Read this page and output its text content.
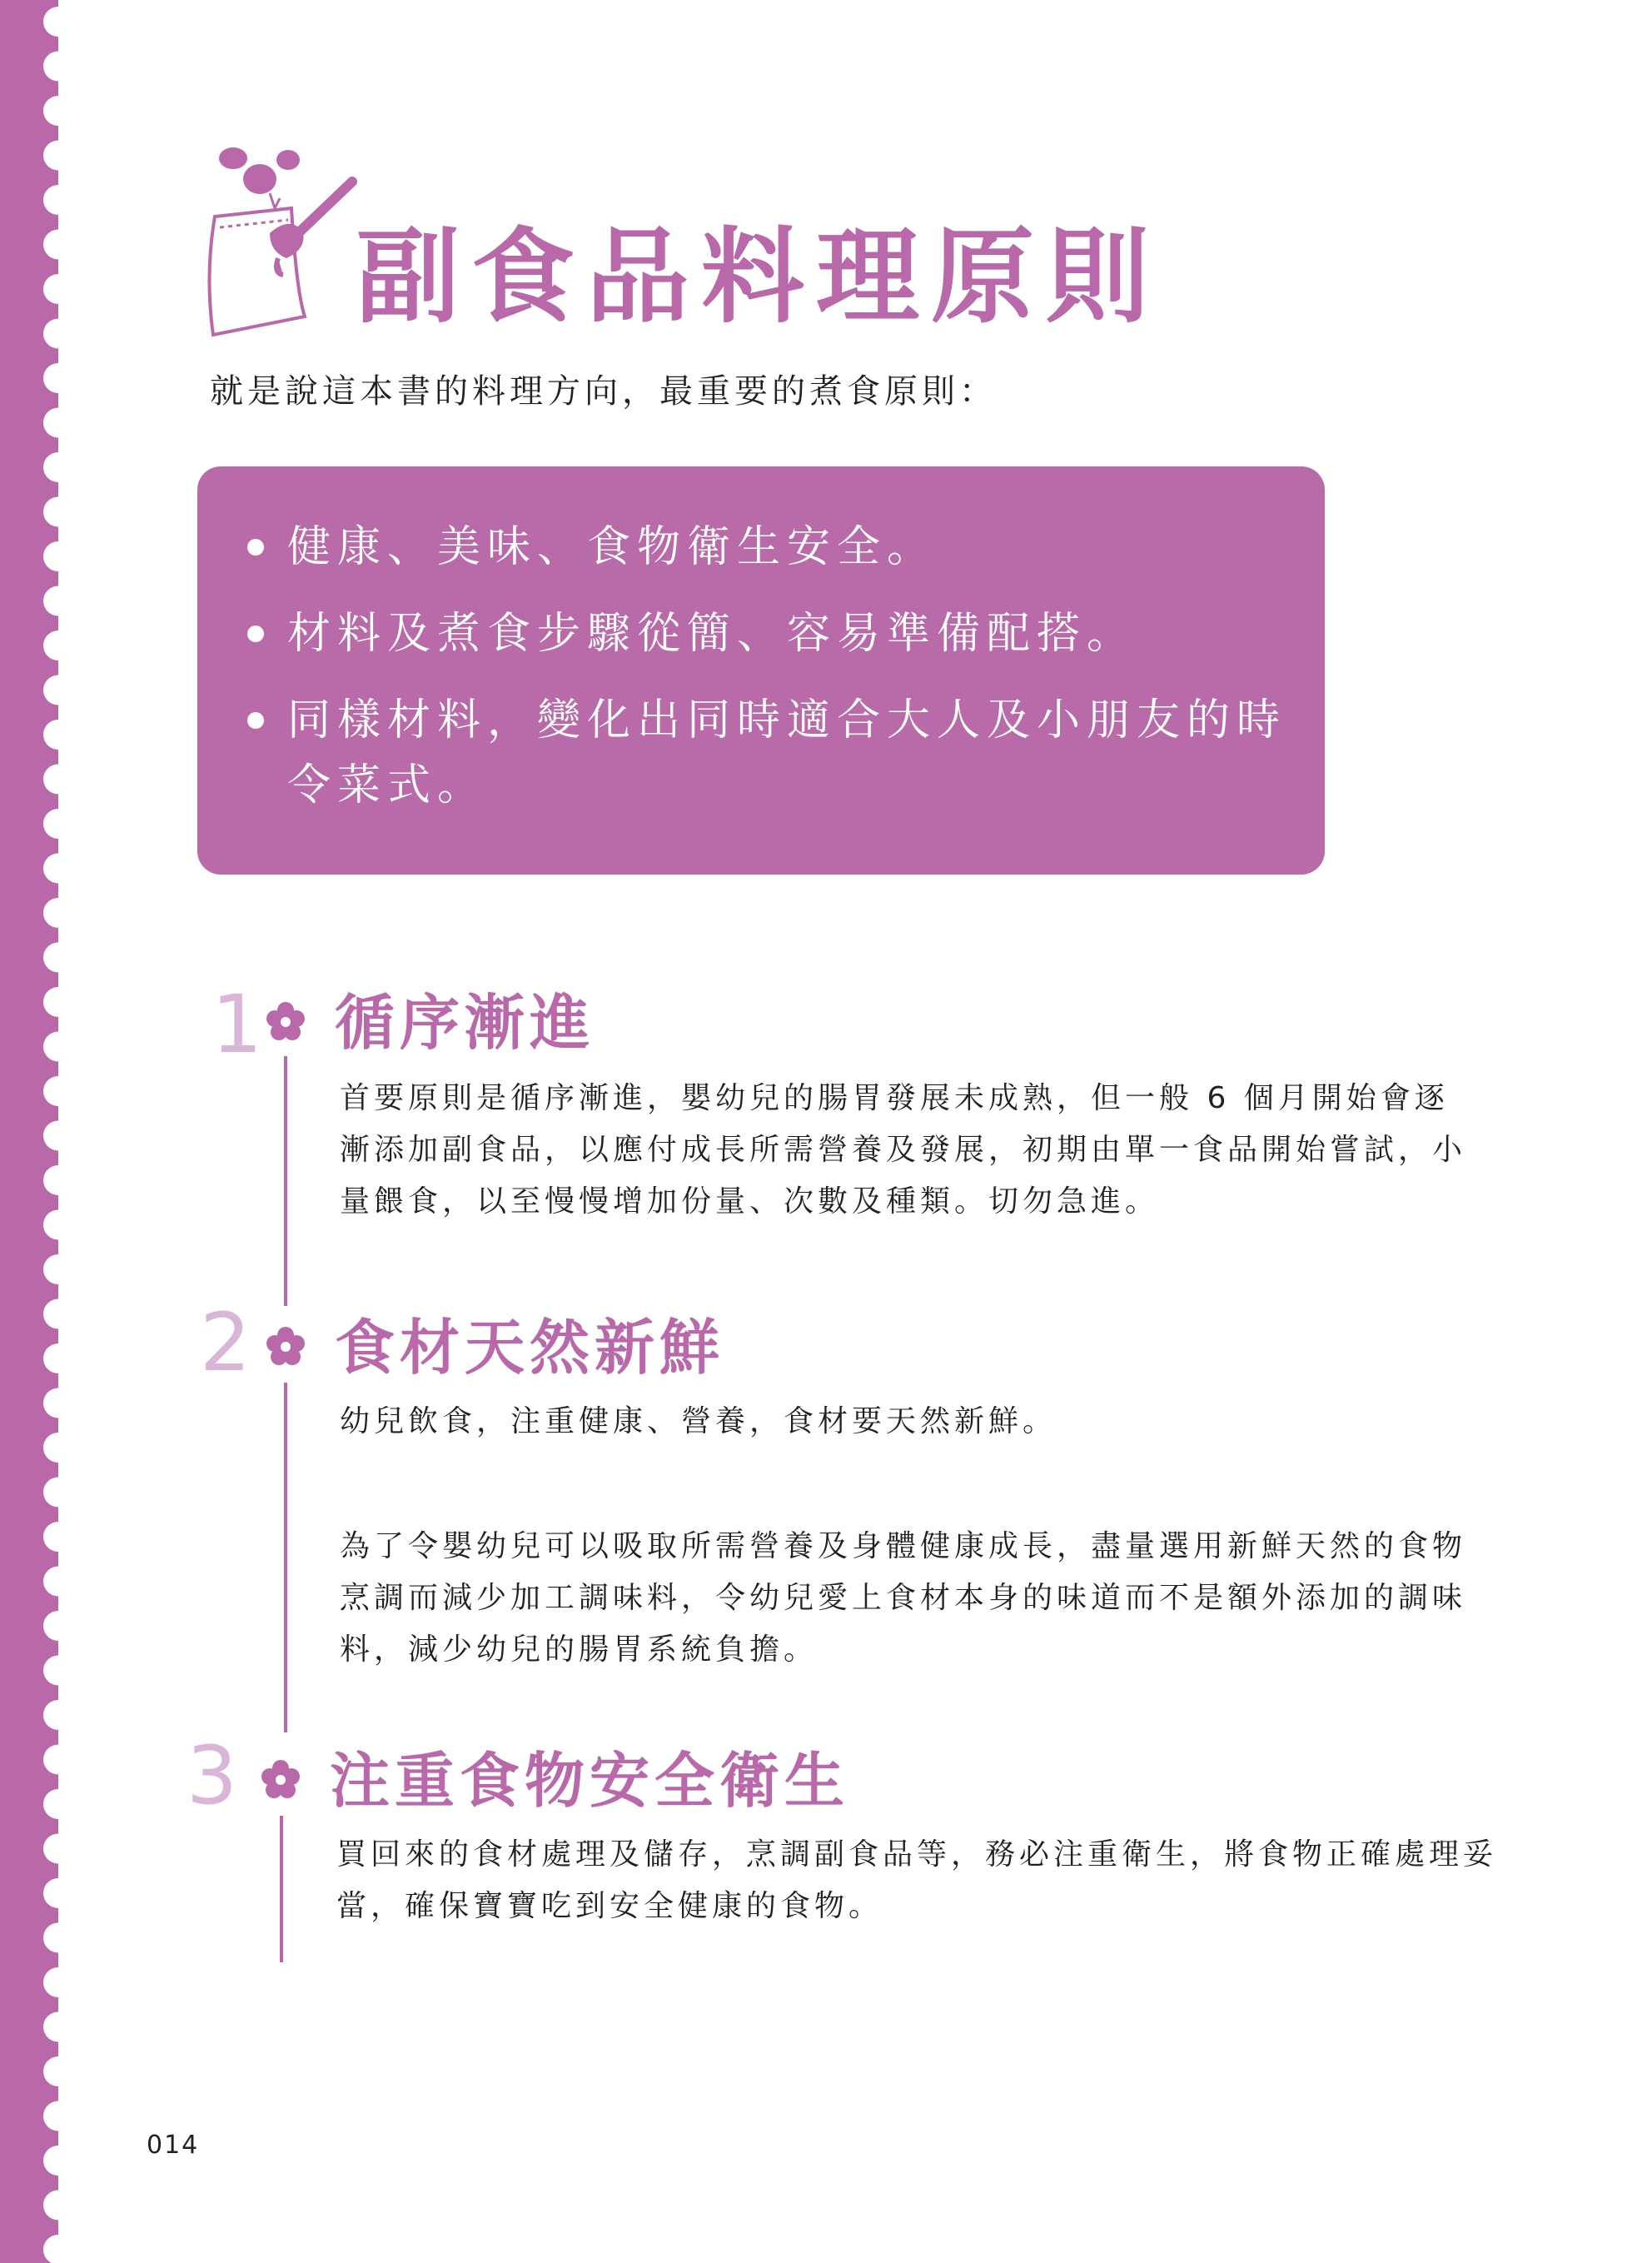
副食品料理原則
就是說這本書的料理方向，最重要的煮食原則：
健康、美味、食物衛生安全。
材料及煮食步驟從簡、容易準備配搭。
同樣材料，變化出同時適合大人及小朋友的時令菜式。
1 循序漸進
首要原則是循序漸進，嬰幼兒的腸胃發展未成熟，但一般 6 個月開始會逐漸添加副食品，以應付成長所需營養及發展，初期由單一食品開始嘗試，小量餵食，以至慢慢增加份量、次數及種類。切勿急進。
2 食材天然新鮮
幼兒飲食，注重健康、營養，食材要天然新鮮。
為了令嬰幼兒可以吸取所需營養及身體健康成長，盡量選用新鮮天然的食物烹調而減少加工調味料，令幼兒愛上食材本身的味道而不是額外添加的調味料，減少幼兒的腸胃系統負擔。
3 注重食物安全衛生
買回來的食材處理及儲存，烹調副食品等，務必注重衛生，將食物正確處理妥當，確保寶寶吃到安全健康的食物。
014
